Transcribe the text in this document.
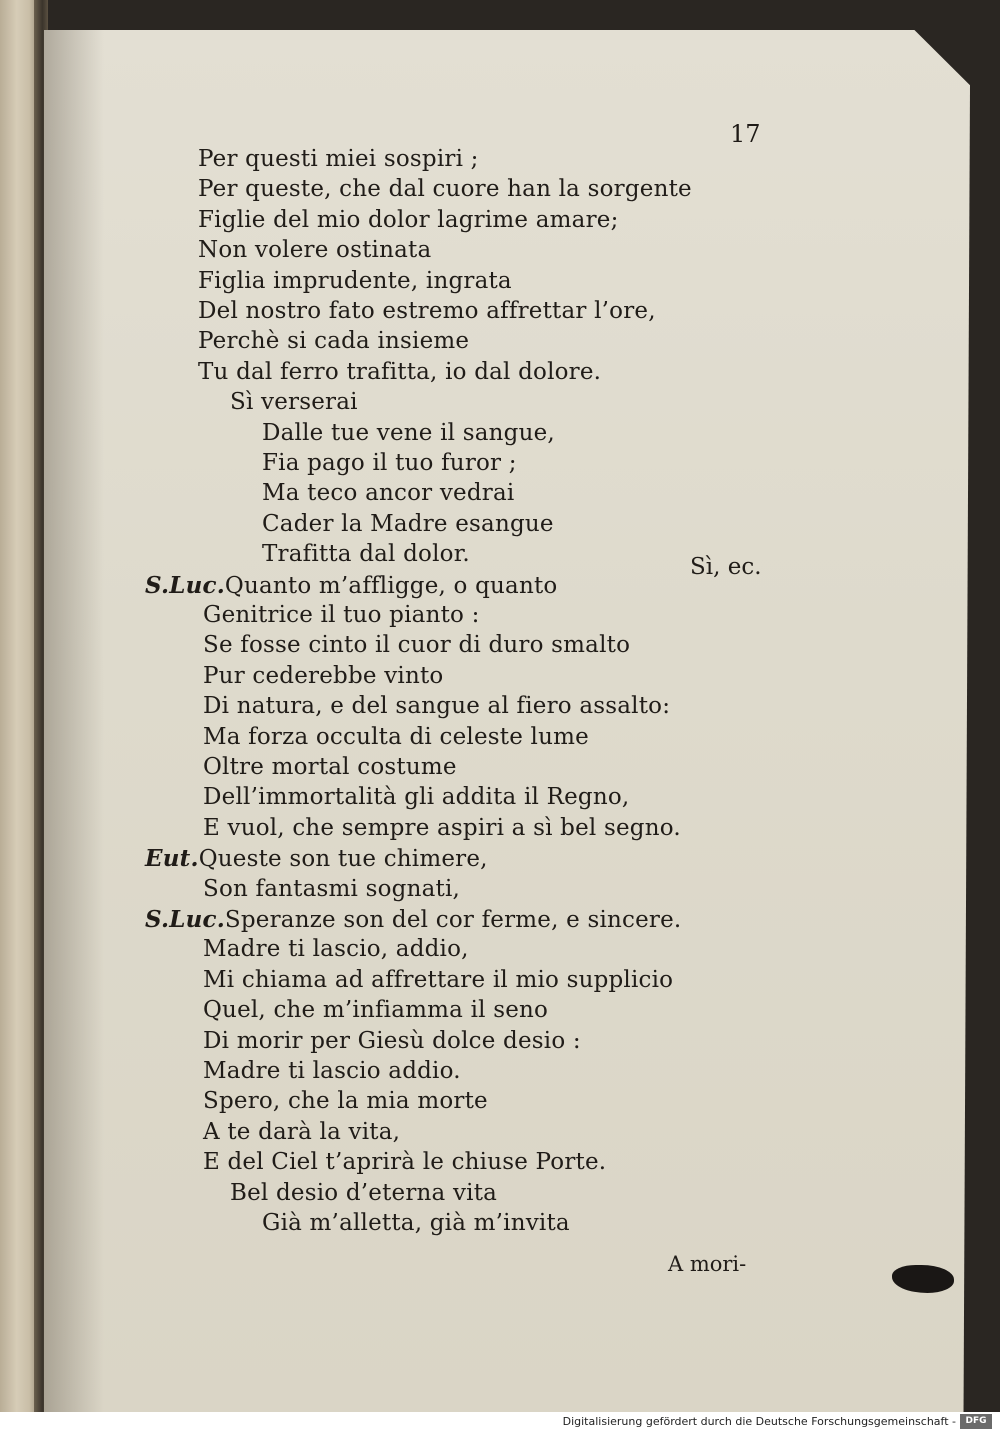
17
Per questi miei sospiri ;
Per queste, che dal cuore han la sorgente
Figlie del mio dolor lagrime amare;
Non volere ostinata
Figlia imprudente, ingrata
Del nostro fato estremo affrettar l’ore,
Perchè si cada insieme
Tu dal ferro trafitta, io dal dolore.
Sì verserai
Dalle tue vene il sangue,
Fia pago il tuo furor ;
Ma teco ancor vedrai
Cader la Madre esangue
Trafitta dal dolor.
S.Luc.Quanto m’affligge, o quanto
Genitrice il tuo pianto :
Se fosse cinto il cuor di duro smalto
Pur cederebbe vinto
Di natura, e del sangue al fiero assalto:
Ma forza occulta di celeste lume
Oltre mortal costume
Dell’immortalità gli addita il Regno,
E vuol, che sempre aspiri a sì bel segno.
Eut.Queste son tue chimere,
Son fantasmi sognati,
S.Luc.Speranze son del cor ferme, e sincere.
Madre ti lascio, addio,
Mi chiama ad affrettare il mio supplicio
Quel, che m’infiamma il seno
Di morir per Giesù dolce desio :
Madre ti lascio addio.
Spero, che la mia morte
A te darà la vita,
E del Ciel t’aprirà le chiuse Porte.
Bel desio d’eterna vita
Già m’alletta, già m’invita
Sì, ec.
A mori-
Digitalisierung gefördert durch die Deutsche Forschungsgemeinschaft -	DFG
